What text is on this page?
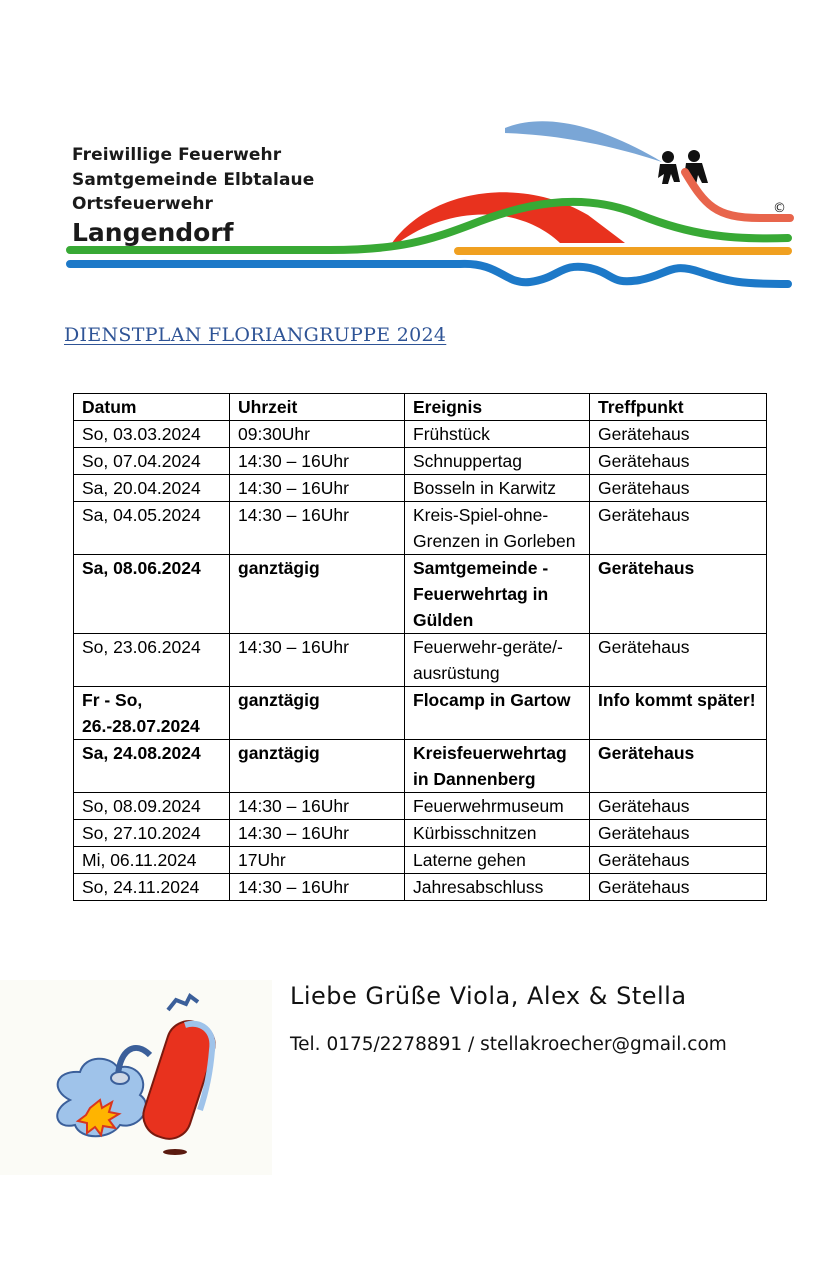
©
Freiwillige Feuerwehr
Samtgemeinde Elbtalaue
Ortsfeuerwehr
Langendorf
DIENSTPLAN FLORIANGRUPPE 2024
Datum	Uhrzeit	Ereignis	Treffpunkt
So, 03.03.2024	09:30Uhr	Frühstück	Gerätehaus
So, 07.04.2024	14:30 – 16Uhr	Schnuppertag	Gerätehaus
Sa, 20.04.2024	14:30 – 16Uhr	Bosseln in Karwitz	Gerätehaus
Sa, 04.05.2024	14:30 – 16Uhr	Kreis-Spiel-ohne-Grenzen in Gorleben	Gerätehaus
Sa, 08.06.2024	ganztägig	Samtgemeinde - Feuerwehrtag in Gülden	Gerätehaus
So, 23.06.2024	14:30 – 16Uhr	Feuerwehr-geräte/-ausrüstung	Gerätehaus
Fr - So, 26.-28.07.2024	ganztägig	Flocamp in Gartow	Info kommt später!
Sa, 24.08.2024	ganztägig	Kreisfeuerwehrtag in Dannenberg	Gerätehaus
So, 08.09.2024	14:30 – 16Uhr	Feuerwehrmuseum	Gerätehaus
So, 27.10.2024	14:30 – 16Uhr	Kürbisschnitzen	Gerätehaus
Mi, 06.11.2024	17Uhr	Laterne gehen	Gerätehaus
So, 24.11.2024	14:30 – 16Uhr	Jahresabschluss	Gerätehaus
Liebe Grüße Viola, Alex & Stella
Tel. 0175/2278891 / stellakroecher@gmail.com
